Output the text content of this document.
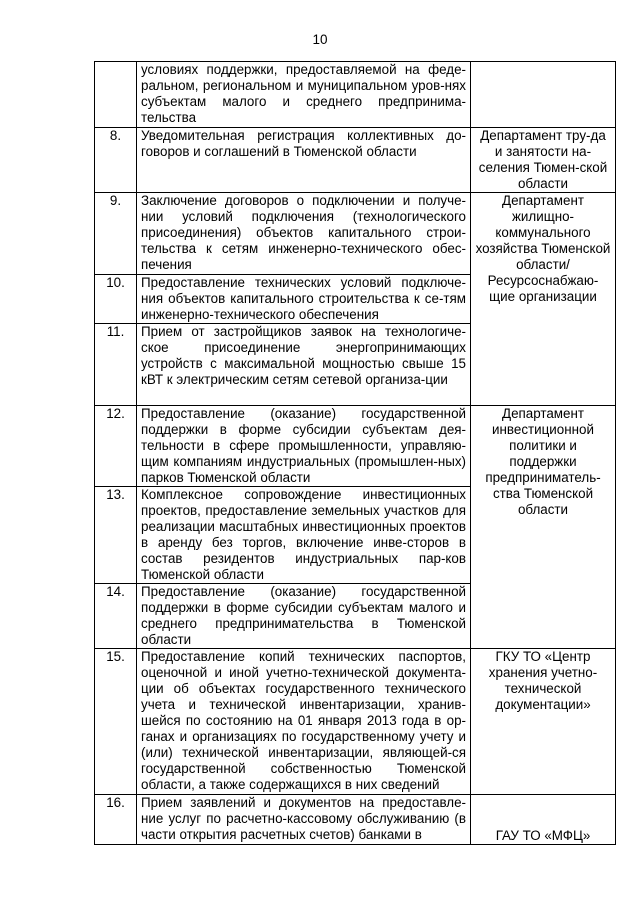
10
	условиях поддержки, предоставляемой на феде-ральном, региональном и муниципальном уров-нях субъектам малого и среднего предпринима-тельства	
8.	Уведомительная регистрация коллективных до-говоров и соглашений в Тюменской области	Департамент тру-да и занятости на-селения Тюмен-ской области
9.	Заключение договоров о подключении и получе-нии условий подключения (технологического присоединения) объектов капитального строи-тельства к сетям инженерно-технического обес-печения	Департамент жилищно-коммунального хозяйства Тюменской области/ Ресурсоснабжаю-щие организации
10.	Предоставление технических условий подключе-ния объектов капитального строительства к се-тям инженерно-технического обеспечения	
11.	Прием от застройщиков заявок на технологиче-ское присоединение энергопринимающих устройств с максимальной мощностью свыше 15 кВТ к электрическим сетям сетевой организа-ции	
12.	Предоставление (оказание) государственной поддержки в форме субсидии субъектам дея-тельности в сфере промышленности, управляю-щим компаниям индустриальных (промышлен-ных) парков Тюменской области	Департамент инвестиционной политики и поддержки предприниматель-ства Тюменской области
13.	Комплексное сопровождение инвестиционных проектов, предоставление земельных участков для реализации масштабных инвестиционных проектов в аренду без торгов, включение инве-сторов в состав резидентов индустриальных пар-ков Тюменской области	
14.	Предоставление (оказание) государственной поддержки в форме субсидии субъектам малого и среднего предпринимательства в Тюменской области	
15.	Предоставление копий технических паспортов, оценочной и иной учетно-технической документа-ции об объектах государственного технического учета и технической инвентаризации, хранив-шейся по состоянию на 01 января 2013 года в ор-ганах и организациях по государственному учету и (или) технической инвентаризации, являющей-ся государственной собственностью Тюменской области, а также содержащихся в них сведений	ГКУ ТО «Центр хранения учетно-технической документации»
16.	Прием заявлений и документов на предоставле-ние услуг по расчетно-кассовому обслуживанию (в части открытия расчетных счетов) банками в	ГАУ ТО «МФЦ»
